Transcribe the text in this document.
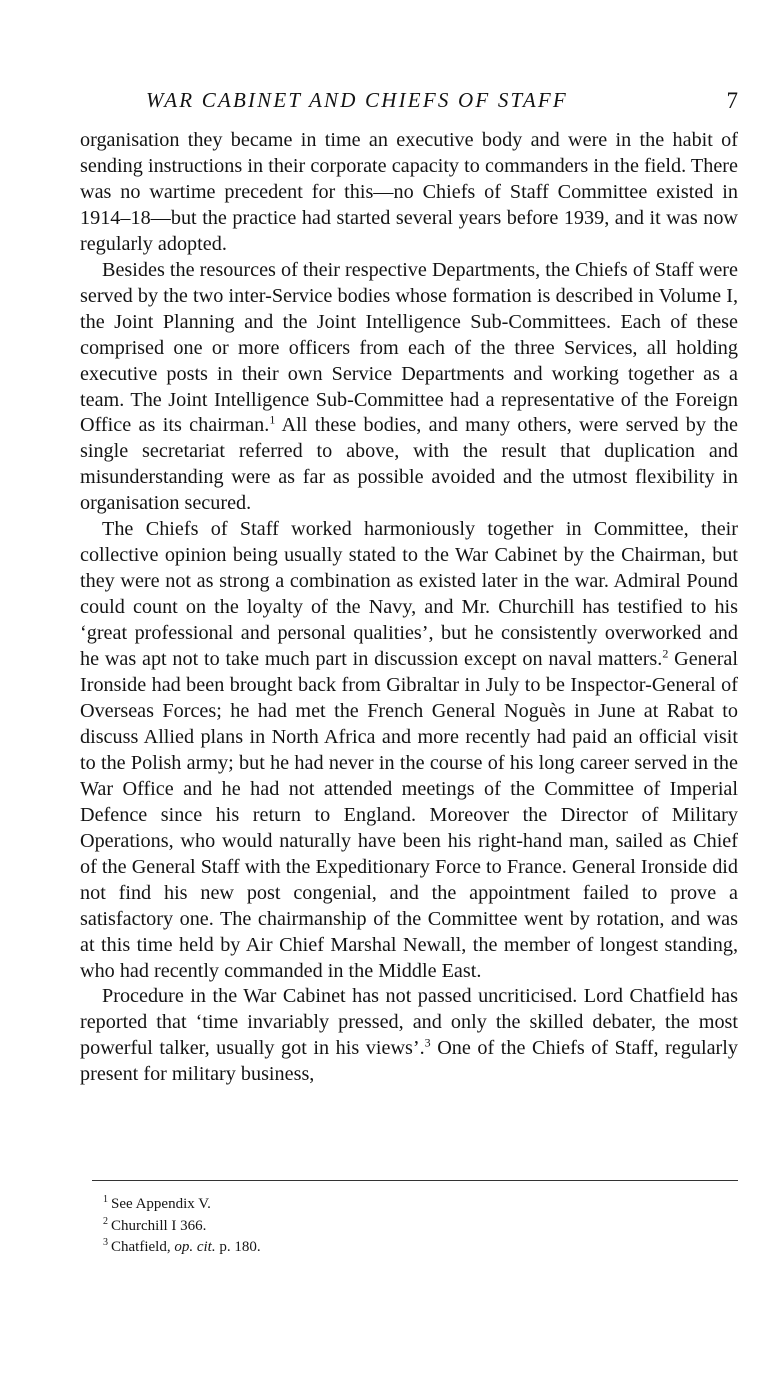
WAR CABINET AND CHIEFS OF STAFF	7

organisation they became in time an executive body and were in the habit of sending instructions in their corporate capacity to commanders in the field. There was no wartime precedent for this—no Chiefs of Staff Committee existed in 1914–18—but the practice had started several years before 1939, and it was now regularly adopted.

Besides the resources of their respective Departments, the Chiefs of Staff were served by the two inter-Service bodies whose formation is described in Volume I, the Joint Planning and the Joint Intelligence Sub-Committees. Each of these comprised one or more officers from each of the three Services, all holding executive posts in their own Service Departments and working together as a team. The Joint Intelligence Sub-Committee had a representative of the Foreign Office as its chairman.$^1$ All these bodies, and many others, were served by the single secretariat referred to above, with the result that duplication and misunderstanding were as far as possible avoided and the utmost flexibility in organisation secured.

The Chiefs of Staff worked harmoniously together in Committee, their collective opinion being usually stated to the War Cabinet by the Chairman, but they were not as strong a combination as existed later in the war. Admiral Pound could count on the loyalty of the Navy, and Mr. Churchill has testified to his ‘great professional and personal qualities’, but he consistently overworked and he was apt not to take much part in discussion except on naval matters.$^2$ General Ironside had been brought back from Gibraltar in July to be Inspector-General of Overseas Forces; he had met the French General Noguès in June at Rabat to discuss Allied plans in North Africa and more recently had paid an official visit to the Polish army; but he had never in the course of his long career served in the War Office and he had not attended meetings of the Committee of Imperial Defence since his return to England. Moreover the Director of Military Operations, who would naturally have been his right-hand man, sailed as Chief of the General Staff with the Expeditionary Force to France. General Ironside did not find his new post congenial, and the appointment failed to prove a satisfactory one. The chairmanship of the Committee went by rotation, and was at this time held by Air Chief Marshal Newall, the member of longest standing, who had recently commanded in the Middle East.

Procedure in the War Cabinet has not passed uncriticised. Lord Chatfield has reported that ‘time invariably pressed, and only the skilled debater, the most powerful talker, usually got in his views’.$^3$ One of the Chiefs of Staff, regularly present for military business,

$^1$ See Appendix V.
$^2$ Churchill I 366.
$^3$ Chatfield, op. cit. p. 180.
